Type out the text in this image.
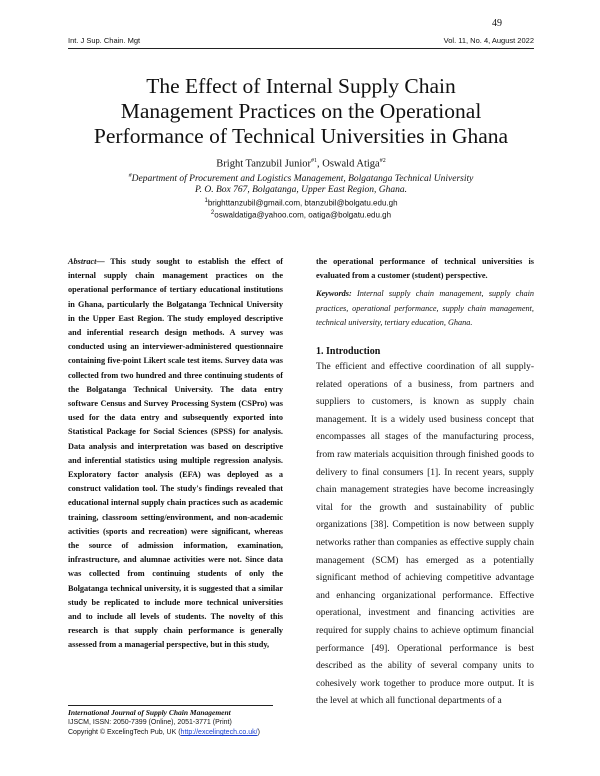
49
Int. J Sup. Chain. Mgt	Vol. 11, No. 4, August 2022
The Effect of Internal Supply Chain
Management Practices on the Operational
Performance of Technical Universities in Ghana
Bright Tanzubil Junior$^{\#1}$, Oswald Atiga$^{\#2}$
#Department of Procurement and Logistics Management, Bolgatanga Technical University
P. O. Box 767, Bolgatanga, Upper East Region, Ghana.
$^1$brighttanzubil@gmail.com, btanzubil@bolgatu.edu.gh
$^2$oswaldatiga@yahoo.com, oatiga@bolgatu.edu.gh

Abstract— This study sought to establish the effect of internal supply chain management practices on the operational performance of tertiary educational institutions in Ghana, particularly the Bolgatanga Technical University in the Upper East Region. The study employed descriptive and inferential research design methods. A survey was conducted using an interviewer-administered questionnaire containing five-point Likert scale test items. Survey data was collected from two hundred and three continuing students of the Bolgatanga Technical University. The data entry software Census and Survey Processing System (CSPro) was used for the data entry and subsequently exported into Statistical Package for Social Sciences (SPSS) for analysis. Data analysis and interpretation was based on descriptive and inferential statistics using multiple regression analysis. Exploratory factor analysis (EFA) was deployed as a construct validation tool. The study's findings revealed that educational internal supply chain practices such as academic training, classroom setting/environment, and non-academic activities (sports and recreation) were significant, whereas the source of admission information, examination, infrastructure, and alumnae activities were not. Since data was collected from continuing students of only the Bolgatanga technical university, it is suggested that a similar study be replicated to include more technical universities and to include all levels of students. The novelty of this research is that supply chain performance is generally assessed from a managerial perspective, but in this study,

the operational performance of technical universities is evaluated from a customer (student) perspective.

Keywords: Internal supply chain management, supply chain practices, operational performance, supply chain management, technical university, tertiary education, Ghana.

1. Introduction

The efficient and effective coordination of all supply-related operations of a business, from partners and suppliers to customers, is known as supply chain management. It is a widely used business concept that encompasses all stages of the manufacturing process, from raw materials acquisition through finished goods to delivery to final consumers [1]. In recent years, supply chain management strategies have become increasingly vital for the growth and sustainability of public organizations [38]. Competition is now between supply networks rather than companies as effective supply chain management (SCM) has emerged as a potentially significant method of achieving competitive advantage and enhancing organizational performance. Effective operational, investment and financing activities are required for supply chains to achieve optimum financial performance [49]. Operational performance is best described as the ability of several company units to cohesively work together to produce more output. It is the level at which all functional departments of a

International Journal of Supply Chain Management
IJSCM, ISSN: 2050-7399 (Online), 2051-3771 (Print)
Copyright © ExcelingTech Pub, UK (http://excelingtech.co.uk/)
